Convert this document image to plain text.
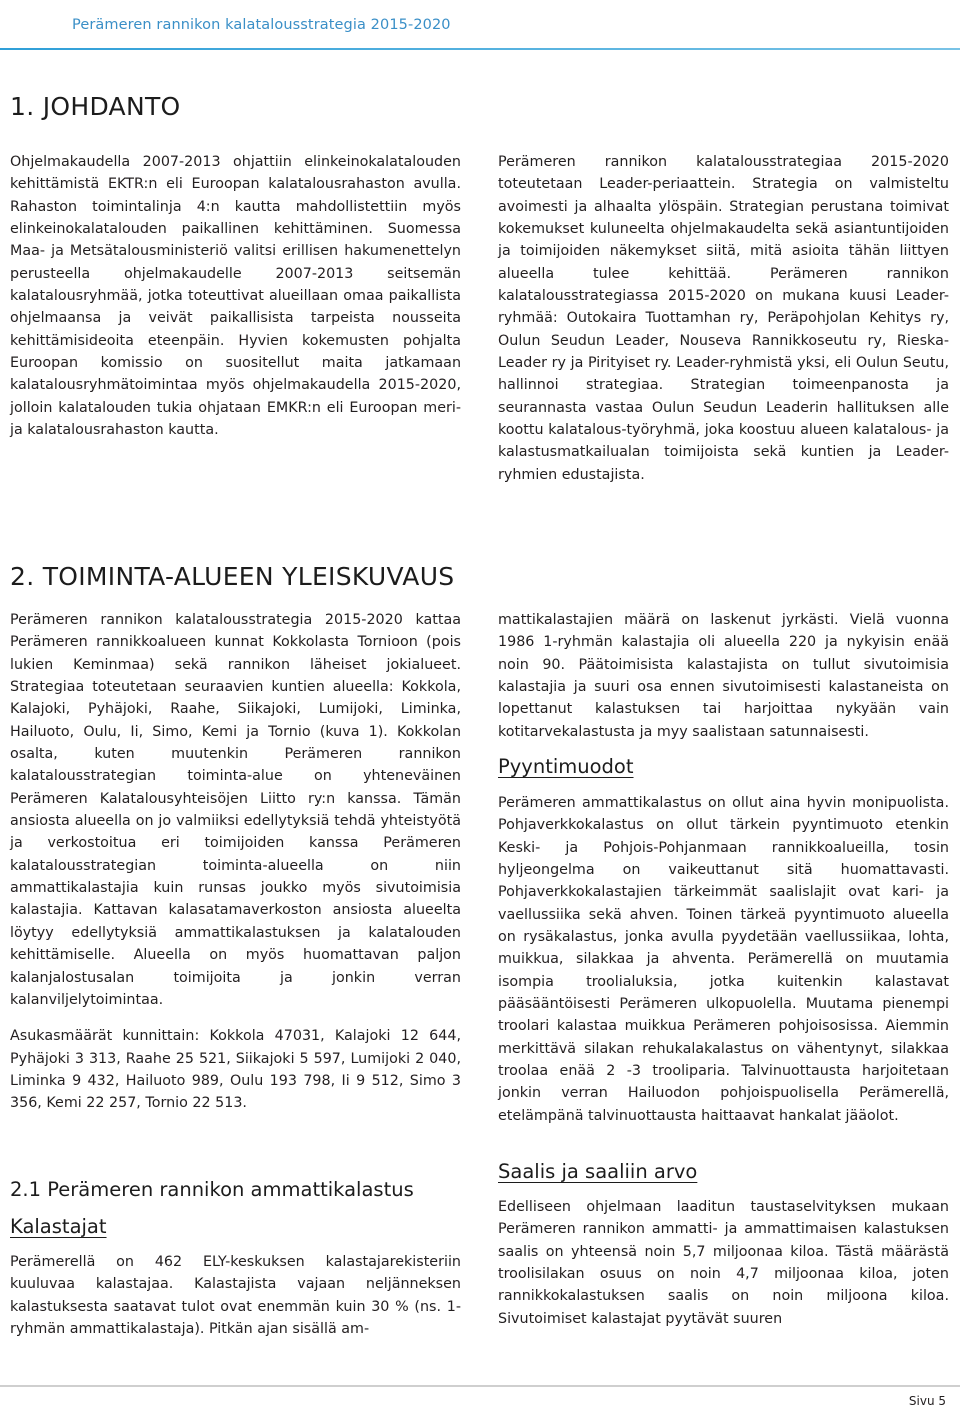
Perämeren rannikon kalatalousstrategia 2015-2020
1. JOHDANTO

Ohjelmakaudella 2007-2013 ohjattiin elinkeinokalatalouden kehittämistä EKTR:n eli Euroopan kalatalousrahaston avulla. Rahaston toimintalinja 4:n kautta mahdollistettiin myös elinkeinokalatalouden paikallinen kehittäminen. Suomessa Maa- ja Metsätalousministeriö valitsi erillisen hakumenettelyn perusteella ohjelmakaudelle 2007-2013 seitsemän kalatalousryhmää, jotka toteuttivat alueillaan omaa paikallista ohjelmaansa ja veivät paikallisista tarpeista nousseita kehittämisideoita eteenpäin. Hyvien kokemusten pohjalta Euroopan komissio on suositellut maita jatkamaan kalatalousryhmätoimintaa myös ohjelmakaudella 2015-2020, jolloin kalatalouden tukia ohjataan EMKR:n eli Euroopan meri- ja kalatalousrahaston kautta.

Perämeren rannikon kalatalousstrategiaa 2015-2020 toteutetaan Leader-periaattein. Strategia on valmisteltu avoimesti ja alhaalta ylöspäin. Strategian perustana toimivat kokemukset kuluneelta ohjelmakaudelta sekä asiantuntijoiden ja toimijoiden näkemykset siitä, mitä asioita tähän liittyen alueella tulee kehittää. Perämeren rannikon kalatalousstrategiassa 2015-2020 on mukana kuusi Leader-ryhmää: Outokaira Tuottamhan ry, Peräpohjolan Kehitys ry, Oulun Seudun Leader, Nouseva Rannikkoseutu ry, Rieska-Leader ry ja Pirityiset ry. Leader-ryhmistä yksi, eli Oulun Seutu, hallinnoi strategiaa. Strategian toimeenpanosta ja seurannasta vastaa Oulun Seudun Leaderin hallituksen alle koottu kalatalous-työryhmä, joka koostuu alueen kalatalous- ja kalastusmatkailualan toimijoista sekä kuntien ja Leader-ryhmien edustajista.

2. TOIMINTA-ALUEEN YLEISKUVAUS

Perämeren rannikon kalatalousstrategia 2015-2020 kattaa Perämeren rannikkoalueen kunnat Kokkolasta Tornioon (pois lukien Keminmaa) sekä rannikon läheiset jokialueet. Strategiaa toteutetaan seuraavien kuntien alueella: Kokkola, Kalajoki, Pyhäjoki, Raahe, Siikajoki, Lumijoki, Liminka, Hailuoto, Oulu, Ii, Simo, Kemi ja Tornio (kuva 1). Kokkolan osalta, kuten muutenkin Perämeren rannikon kalatalousstrategian toiminta-alue on yhteneväinen Perämeren Kalatalousyhteisöjen Liitto ry:n kanssa. Tämän ansiosta alueella on jo valmiiksi edellytyksiä tehdä yhteistyötä ja verkostoitua eri toimijoiden kanssa Perämeren kalatalousstrategian toiminta-alueella on niin ammattikalastajia kuin runsas joukko myös sivutoimisia kalastajia. Kattavan kalasatamaverkoston ansiosta alueelta löytyy edellytyksiä ammattikalastuksen ja kalatalouden kehittämiselle. Alueella on myös huomattavan paljon kalanjalostusalan toimijoita ja jonkin verran kalanviljelytoimintaa.

Asukasmäärät kunnittain: Kokkola 47031, Kalajoki 12 644, Pyhäjoki 3 313, Raahe 25 521, Siikajoki 5 597, Lumijoki 2 040, Liminka 9 432, Hailuoto 989, Oulu 193 798, Ii 9 512, Simo 3 356, Kemi 22 257, Tornio 22 513.

2.1 Perämeren rannikon ammattikalastus
Kalastajat

Perämerellä on 462 ELY-keskuksen kalastajarekisteriin kuuluvaa kalastajaa. Kalastajista vajaan neljänneksen kalastuksesta saatavat tulot ovat enemmän kuin 30 % (ns. 1-ryhmän ammattikalastaja). Pitkän ajan sisällä am-

mattikalastajien määrä on laskenut jyrkästi. Vielä vuonna 1986 1-ryhmän kalastajia oli alueella 220 ja nykyisin enää noin 90. Päätoimisista kalastajista on tullut sivutoimisia kalastajia ja suuri osa ennen sivutoimisesti kalastaneista on lopettanut kalastuksen tai harjoittaa nykyään vain kotitarvekalastusta ja myy saalistaan satunnaisesti.

Pyyntimuodot

Perämeren ammattikalastus on ollut aina hyvin monipuolista. Pohjaverkkokalastus on ollut tärkein pyyntimuoto etenkin Keski- ja Pohjois-Pohjanmaan rannikkoalueilla, tosin hyljeongelma on vaikeuttanut sitä huomattavasti. Pohjaverkkokalastajien tärkeimmät saalislajit ovat kari- ja vaellussiika sekä ahven. Toinen tärkeä pyyntimuoto alueella on rysäkalastus, jonka avulla pyydetään vaellussiikaa, lohta, muikkua, silakkaa ja ahventa. Perämerellä on muutamia isompia troolialuksia, jotka kuitenkin kalastavat pääsääntöisesti Perämeren ulkopuolella. Muutama pienempi troolari kalastaa muikkua Perämeren pohjoisosissa. Aiemmin merkittävä silakan rehukalakalastus on vähentynyt, silakkaa troolaa enää 2 -3 troolipariа. Talvinuottausta harjoitetaan jonkin verran Hailuodon pohjoispuolisella Perämerellä, etelämpänä talvinuottausta haittaavat hankalat jääolot.

Saalis ja saaliin arvo

Edelliseen ohjelmaan laaditun taustaselvityksen mukaan Perämeren rannikon ammatti- ja ammattimaisen kalastuksen saalis on yhteensä noin 5,7 miljoonaa kiloa. Tästä määrästä troolisilakan osuus on noin 4,7 miljoonaa kiloa, joten rannikkokalastuksen saalis on noin miljoona kiloa. Sivutoimiset kalastajat pyytävät suuren

Sivu 5
